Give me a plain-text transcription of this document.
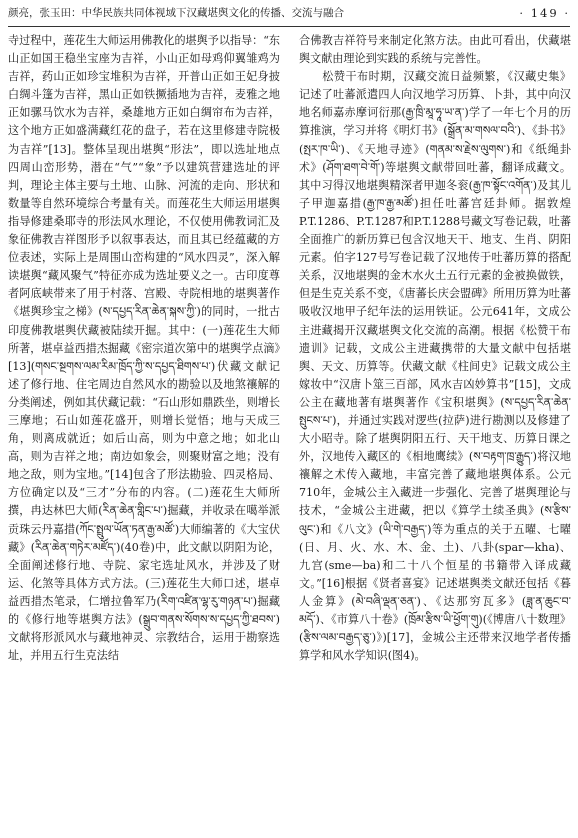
颜亮，张玉田：中华民族共同体视域下汉藏堪舆文化的传播、交流与融合	· 149 ·

寺过程中，莲花生大师运用佛教化的堪舆予以指导：“东山正如国王稳坐宝座为吉祥，小山正如母鸡仰翼雏鸡为吉祥，药山正如珍宝堆积为吉祥，开普山正如王妃身披白绸斗篷为吉祥，黑山正如铁撅插地为吉祥，麦雅之地正如骡马饮水为吉祥，桑雄地方正如白绸帘布为吉祥，这个地方正如盛满藏红花的盘子，若在这里修建寺院极为吉祥”[13]。整体呈现出堪舆“形法”，即以选址地点四周山峦形势，潜在“气”“象”予以建筑营建选址的评判，理论主体主要与土地、山脉、河流的走向、形状和数量等自然环境综合考量有关。而莲花生大师运用堪舆指导修建桑耶寺的形法风水理论，不仅使用佛教词汇及象征佛教吉祥图形予以叙事表达，而且其已经蕴藏的方位表述，实际上是周围山峦构建的“风水四灵”，深入解读堪舆“藏风聚气”特征亦成为选址要义之一。古印度尊者阿底峡带来了用于村落、宫殿、寺院相地的堪舆著作《堪舆珍宝之梯》(ས་དཔྱད་རིན་ཆེན་སྐས་ཀྱི་)的同时，一批古印度佛教堪舆伏藏被陆续开掘。其中：(一)莲花生大师所著，堪卓益西措杰掘藏《密宗道次第中的堪舆学点滴》[13](གསང་སྔགས་ལམ་རིམ་ཁྲོད་ཀྱི་ས་དཔྱད་ཐིགས་པ་)伏藏文献记述了修行地、住宅周边自然风水的勘验以及地煞禳解的分类阐述，例如其伏藏记载：“石山形如鼎跌坐，则增长三摩地；石山如莲花盛开，则增长觉悟；地与天成三角，则离成就近；如后山高，则为中意之地；如北山高，则为吉祥之地；南边如象会，则聚财富之地；没有地之敌，则为宝地。”[14]包含了形法勘验、四灵格局、方位确定以及“三才”分布的内容。(二)莲花生大师所撰，冉达林巴大师(རིན་ཆེན་གླིང་པ་)掘藏，并收录在噶举派贡珠云丹嘉措(ཀོང་སྤྲུལ་ཡོན་ཏན་རྒྱ་མཚོ་)大师编著的《大宝伏藏》(རིན་ཆེན་གཏེར་མཛོད་)(40卷)中，此文献以阴阳为论，全面阐述修行地、寺院、家宅选址风水，并涉及了财运、化煞等具体方式方法。(三)莲花生大师口述，堪卓益西措杰笔录，仁增拉鲁军乃(རིག་འཛིན་ལྷ་རུ་གཉན་པ་)掘藏的《修行地等堪舆方法》(སྒྲུབ་གནས་སོགས་ས་དཔྱད་ཀྱི་ཐབས་)文献将形派风水与藏地神灵、宗教结合，运用于勘察选址，并用五行生克法结

合佛教吉祥符号来制定化煞方法。由此可看出，伏藏堪舆文献由理论到实践的系统与完善性。

松赞干布时期，汉藏交流日益频繁，《汉藏史集》记述了吐蕃派遣四人向汉地学习历算、卜卦，其中向汉地名师嘉赤摩诃衍那(རྒྱ་ཁྲི་མཱ་ཧཱ་ཡ་ན་)学了一年七个月的历算推演，学习并将《明灯书》(སྒྲོན་མ་གསལ་བའི་)、《卦书》(སྤར་ཁ་ཡི་)、《天地寻迹》(གནམ་ས་རྗེས་ལུགས་)和《纸绳卦术》(ཤོག་ཐག་བེ་གོ་)等堪舆文献带回吐蕃，翻译成藏文。其中习得汉地堪舆精深者甲迦冬衮(རྒྱ་ཁ་སྟོང་འགོན་)及其儿子甲迦嘉措(རྒྱ་ཁ་རྒྱ་མཚོ་)担任吐蕃宫廷卦师。据敦煌P.T.1286、P.T.1287和P.T.1288号藏文写卷记载，吐蕃全面推广的新历算已包含汉地天干、地支、生肖、阴阳元素。伯字127号写卷记载了汉地传于吐蕃历算的搭配关系，汉地堪舆的金木水火土五行元素的金被换做铁，但是生克关系不变，《唐蕃长庆会盟碑》所用历算为吐蕃吸收汉地甲子纪年法的运用铁证。公元641年，文成公主进藏揭开汉藏堪舆文化交流的高潮。根据《松赞干布遗训》记载，文成公主进藏携带的大量文献中包括堪舆、天文、历算等。伏藏文献《柱间史》记载文成公主嫁妆中“汉唐卜筮三百部，风水吉凶妙算书”[15]，文成公主在藏地著有堪舆著作《宝积堪舆》(ས་དཔྱད་རིན་ཆེན་སྤུངས་པ་)，并通过实践对逻些(拉萨)进行勘测以及修建了大小昭寺。除了堪舆阴阳五行、天干地支、历算日课之外，汉地传入藏区的《相地鹰续》(ས་བརྟག་ཁྲ་རྒྱུད་)将汉地禳解之术传入藏地，丰富完善了藏地堪舆体系。公元710年，金城公主入藏进一步强化、完善了堪舆理论与技术，“金城公主进藏，把以《算学土续圣典》(ས་རྩིས་ལུང་)和《八文》(ཡི་གེ་བརྒྱད་)等为重点的关于五曜、七曜(日、月、火、水、木、金、土)、八卦(spar—kha)、九宫(sme—ba)和二十八个恒星的书籍带入译成藏文。”[16]根据《贤者喜宴》记述堪舆类文献还包括《暮人金算》(མེ་བཞི་ལྡན་ཅན་)、《达那穷瓦多》(ཟླ་ན་ཆུང་བ་མདོ་)、《市算八十卷》(ཁྲོམ་རྩིས་ཡི་ཕྱོག་གུ)(《博唐八十数理》(རྩིས་ལམ་བརྒྱད་ཅུ་)》)[17]，金城公主还带来汉地学者传播算学和风水学知识(图4)。
